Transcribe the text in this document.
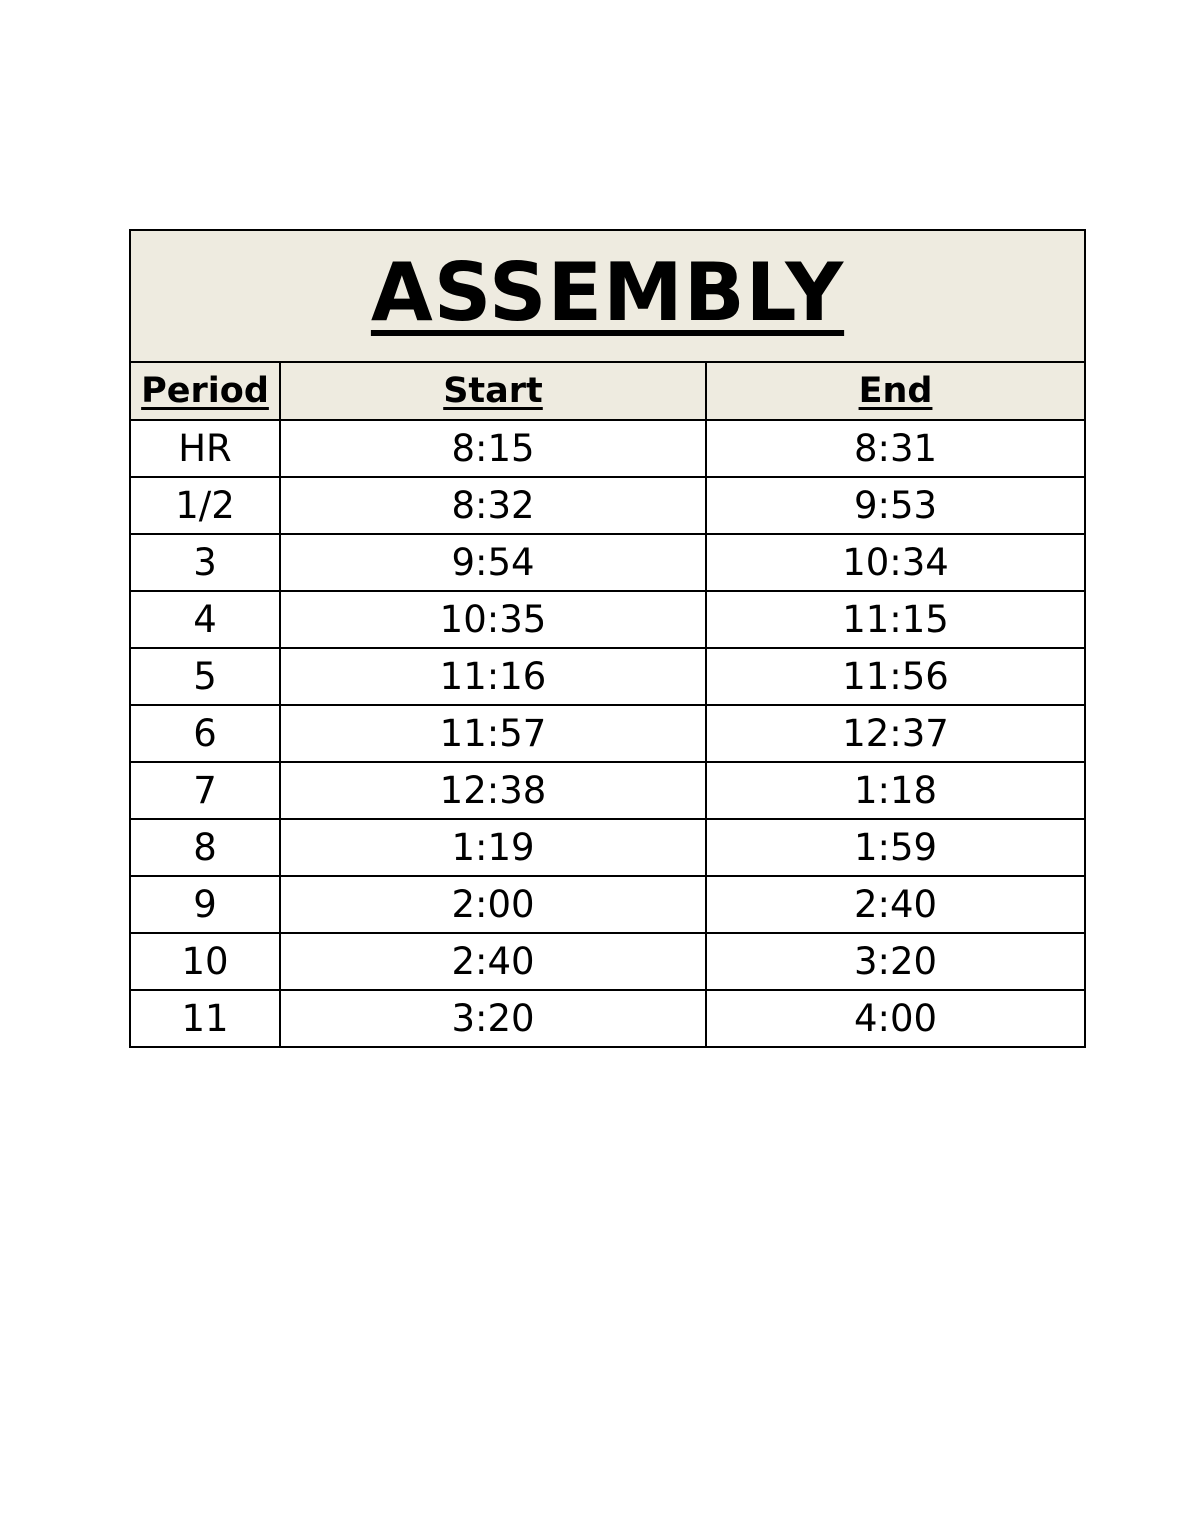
ASSEMBLY		
Period	Start	End
HR	8:15	8:31
1/2	8:32	9:53
3	9:54	10:34
4	10:35	11:15
5	11:16	11:56
6	11:57	12:37
7	12:38	1:18
8	1:19	1:59
9	2:00	2:40
10	2:40	3:20
11	3:20	4:00
